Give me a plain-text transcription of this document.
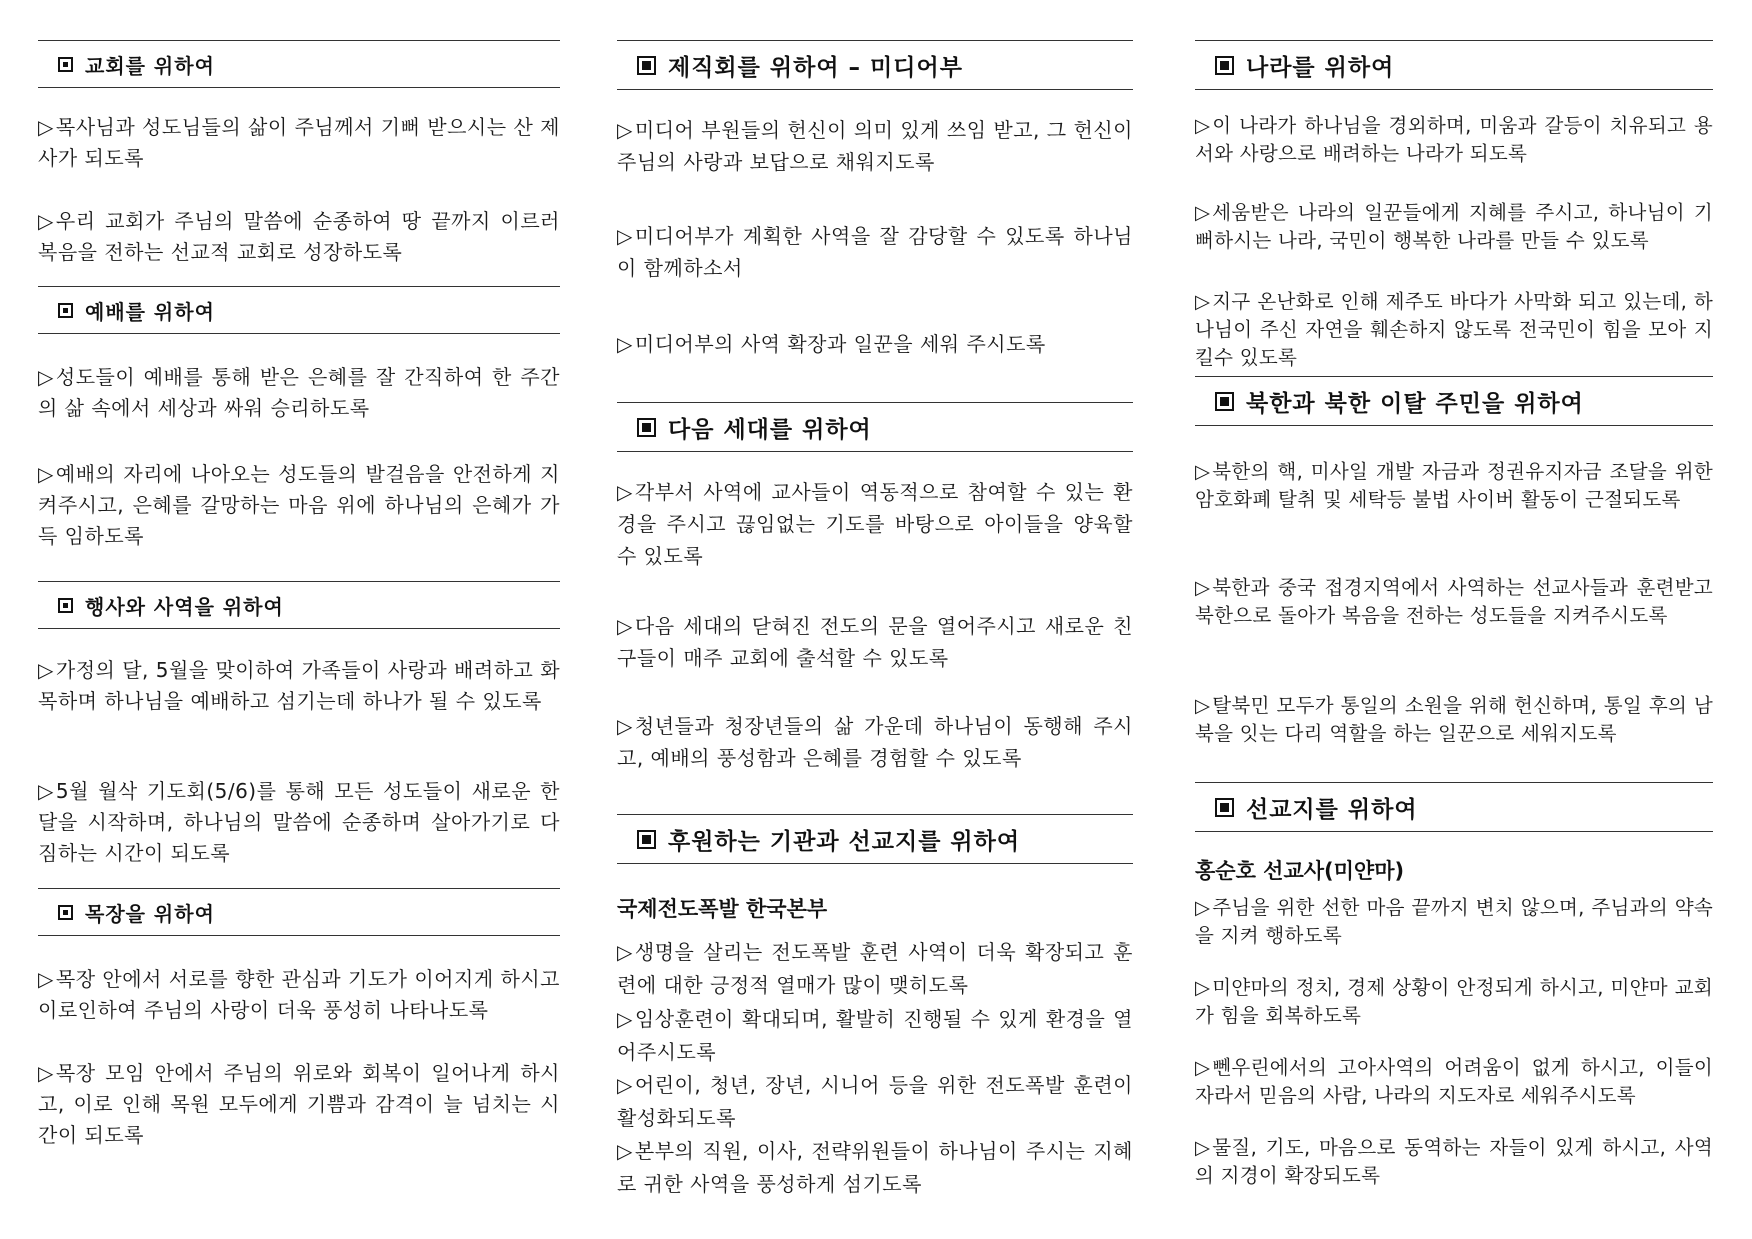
교회를 위하여
▷ 목사님과 성도님들의 삶이 주님께서 기뻐 받으시는 산 제사가 되도록
▷ 우리 교회가 주님의 말씀에 순종하여 땅 끝까지 이르러 복음을 전하는 선교적 교회로 성장하도록
예배를 위하여
▷ 성도들이 예배를 통해 받은 은혜를 잘 간직하여 한 주간의 삶 속에서 세상과 싸워 승리하도록
▷ 예배의 자리에 나아오는 성도들의 발걸음을 안전하게 지켜주시고, 은혜를 갈망하는 마음 위에 하나님의 은혜가 가득 임하도록
행사와 사역을 위하여
▷ 가정의 달, 5월을 맞이하여 가족들이 사랑과 배려하고 화목하며 하나님을 예배하고 섬기는데 하나가 될 수 있도록
▷ 5월 월삭 기도회(5/6)를 통해 모든 성도들이 새로운 한달을 시작하며, 하나님의 말씀에 순종하며 살아가기로 다짐하는 시간이 되도록
목장을 위하여
▷ 목장 안에서 서로를 향한 관심과 기도가 이어지게 하시고 이로인하여 주님의 사랑이 더욱 풍성히 나타나도록
▷ 목장 모임 안에서 주님의 위로와 회복이 일어나게 하시고, 이로 인해 목원 모두에게 기쁨과 감격이 늘 넘치는 시간이 되도록
제직회를 위하여 – 미디어부
▷ 미디어 부원들의 헌신이 의미 있게 쓰임 받고, 그 헌신이 주님의 사랑과 보답으로 채워지도록
▷ 미디어부가 계획한 사역을 잘 감당할 수 있도록 하나님이 함께하소서
▷ 미디어부의 사역 확장과 일꾼을 세워 주시도록
다음 세대를 위하여
▷ 각부서 사역에 교사들이 역동적으로 참여할 수 있는 환경을 주시고 끊임없는 기도를 바탕으로 아이들을 양육할 수 있도록
▷ 다음 세대의 닫혀진 전도의 문을 열어주시고 새로운 친구들이 매주 교회에 출석할 수 있도록
▷ 청년들과 청장년들의 삶 가운데 하나님이 동행해 주시고, 예배의 풍성함과 은혜를 경험할 수 있도록
후원하는 기관과 선교지를 위하여
국제전도폭발 한국본부
▷ 생명을 살리는 전도폭발 훈련 사역이 더욱 확장되고 훈련에 대한 긍정적 열매가 많이 맺히도록
▷ 임상훈련이 확대되며, 활발히 진행될 수 있게 환경을 열어주시도록
▷ 어린이, 청년, 장년, 시니어 등을 위한 전도폭발 훈련이 활성화되도록
▷ 본부의 직원, 이사, 전략위원들이 하나님이 주시는 지혜로 귀한 사역을 풍성하게 섬기도록
나라를 위하여
▷ 이 나라가 하나님을 경외하며, 미움과 갈등이 치유되고 용서와 사랑으로 배려하는 나라가 되도록
▷ 세움받은 나라의 일꾼들에게 지혜를 주시고, 하나님이 기뻐하시는 나라, 국민이 행복한 나라를 만들 수 있도록
▷ 지구 온난화로 인해 제주도 바다가 사막화 되고 있는데, 하나님이 주신 자연을 훼손하지 않도록 전국민이 힘을 모아 지킬수 있도록
북한과 북한 이탈 주민을 위하여
▷ 북한의 핵, 미사일 개발 자금과 정권유지자금 조달을 위한 암호화폐 탈취 및 세탁등 불법 사이버 활동이 근절되도록
▷ 북한과 중국 접경지역에서 사역하는 선교사들과 훈련받고 북한으로 돌아가 복음을 전하는 성도들을 지켜주시도록
▷ 탈북민 모두가 통일의 소원을 위해 헌신하며, 통일 후의 남북을 잇는 다리 역할을 하는 일꾼으로 세워지도록
선교지를 위하여
홍순호 선교사(미얀마)
▷ 주님을 위한 선한 마음 끝까지 변치 않으며, 주님과의 약속을 지켜 행하도록
▷ 미얀마의 정치, 경제 상황이 안정되게 하시고, 미얀마 교회가 힘을 회복하도록
▷ 뻰우린에서의 고아사역의 어려움이 없게 하시고, 이들이 자라서 믿음의 사람, 나라의 지도자로 세워주시도록
▷ 물질, 기도, 마음으로 동역하는 자들이 있게 하시고, 사역의 지경이 확장되도록
